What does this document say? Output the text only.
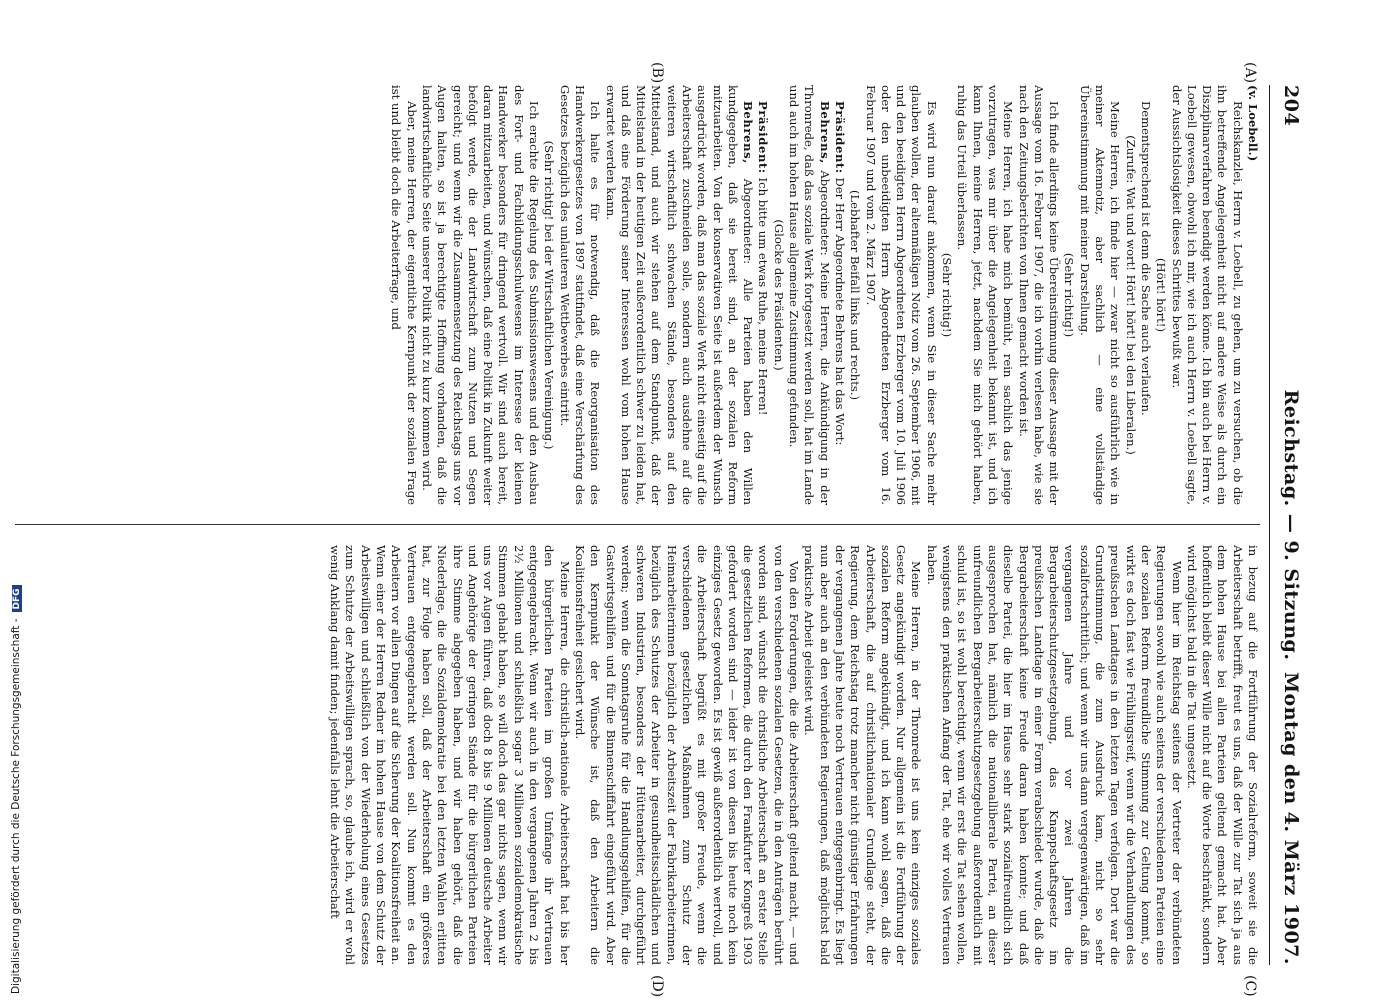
204
Reichstag. — 9. Sitzung.
Montag den 4. März 1907.
(A)
(B)
(C)
(D)

(v. Loebell.)

Reichskanzlei, Herrn v. Loebell, zu gehen, um zu versuchen, ob die ihn betreffende Angelegenheit nicht auf andere Weise als durch ein Disziplinarverfahren beendigt werden könne. Ich bin auch bei Herrn v. Loebell gewesen, obwohl ich mir, wie ich auch Herrn v. Loebell sagte, der Aussichtslosigkeit dieses Schrittes bewußt war.

(Hört! hört!)

Dementsprechend ist denn die Sache auch verlaufen.

(Zurufe: Wat und wort! Hört! hört! bei den Liberalen.)

Meine Herren, ich finde hier — zwar nicht so ausführlich wie in meiner Aktennotiz, aber sachlich — eine vollständige Übereinstimmung mit meiner Darstellung.

(Sehr richtig!)

Ich finde allerdings keine Übereinstimmung dieser Aussage mit der Aussage vom 16. Februar 1907, die ich vorhin verlesen habe, wie sie nach den Zeitungsberichten von Ihnen gemacht worden ist.

Meine Herren, ich habe mich bemüht, rein sachlich das jenige vorzutragen, was mir über die Angelegenheit bekannt ist, und ich kann Ihnen, meine Herren, jetzt, nachdem Sie mich gehört haben, ruhig das Urteil überlassen.

(Sehr richtig!)

Es wird nun darauf ankommen, wenn Sie in dieser Sache mehr glauben wollen, der altenmäßigen Notiz vom 26. September 1906, mit und den beeidigten Herrn Abgeordneten Erzberger vom 10. Juli 1906 oder den unbeeidigten Herrn Abgeordneten Erzberger vom 16. Februar 1907 und vom 2. März 1907.

(Lebhafter Beifall links und rechts.)

Präsident: Der Herr Abgeordnete Behrens hat das Wort:

Behrens, Abgeordneter: Meine Herren, die Ankündigung in der Thronrede, daß das soziale Werk fortgesetzt werden soll, hat im Lande und auch im hohen Hause allgemeine Zustimmung gefunden.

(Glocke des Präsidenten.)

Präsident: Ich bitte um etwas Ruhe, meine Herren!

Behrens, Abgeordneter: Alle Parteien haben den Willen kundgegeben, daß sie bereit sind, an der sozialen Reform mitzuarbeiten. Von der konservativen Seite ist außerdem der Wunsch ausgedrückt worden, daß man das soziale Werk nicht einseitig auf die Arbeiterschaft zuschneiden solle, sondern auch ausdehne auf die weiteren wirtschaftlich schwachen Stände, besonders auf den Mittelstand, und auch wir stehen auf dem Standpunkt, daß der Mittelstand in der heutigen Zeit außerordentlich schwer zu leiden hat, und daß eine Förderung seiner Interessen wohl vom hohen Hause erwartet werden kann.

Ich halte es für notwendig, daß die Reorganisation des Handwerkergesetzes von 1897 stattfindet, daß eine Verschärfung des Gesetzes bezüglich des unlauteren Wettbewerbes eintritt.

(Sehr richtig! bei der Wirtschaftlichen Vereinigung.)

Ich erachte die Regelung des Submissionswesens und den Ausbau des Fort- und Fachbildungsschulwesens im Interesse der kleinen Handwerker besonders für dringend wertvoll. Wir sind auch bereit, daran mitzuarbeiten, und wünschen, daß eine Politik in Zukunft weiter befolgt werde, die der Landwirtschaft zum Nutzen und Segen gereicht; und wenn wir die Zusammensetzung des Reichstags uns vor Augen halten, so ist ja berechtigte Hoffnung vorhanden, daß die landwirtschaftliche Seite unserer Politik nicht zu kurz kommen wird.

Aber, meine Herren, der eigentliche Kernpunkt der sozialen Frage ist und bleibt doch die Arbeiterfrage, und

in bezug auf die Fortführung der Sozialreform, soweit sie die Arbeiterschaft betrifft, freut es uns, daß der Wille zur Tat sich ja aus dem hohen Hause bei allen Parteien geltend gemacht hat. Aber hoffentlich bleibt dieser Wille nicht auf die Worte beschränkt, sondern wird möglichst bald in die Tat umgesetzt.

Wenn hier im Reichstag seitens der Vertreter der verbündeten Regierungen sowohl wie auch seitens der verschiedenen Parteien eine der sozialen Reform freundliche Stimmung zur Geltung kommt, so wirkt es doch fast wie Frühlingsreif, wenn wir die Verhandlungen des preußischen Landtages in den letzten Tagen verfolgen. Dort war die Grundstimmung, die zum Ausdruck kam, nicht so sehr sozialfortschrittlich; und wenn wir uns dann vergegenwärtigen, daß im vergangenen Jahre und vor zwei Jahren die Bergarbeiterschutzgesetzgebung, das Knappschaftsgesetz im preußischen Landtage in einer Form verabschiedet wurde, daß die Bergarbeiterschaft keine Freude daran haben konnte; und daß dieselbe Partei, die hier im Hause sehr stark sozialfreundlich sich ausgesprochen hat, nämlich die nationalliberale Partei, an dieser unfreundlichen Bergarbeiterschutzgesetzgebung außerordentlich mit schuld ist, so ist wohl berechtigt, wenn wir erst die Tat sehen wollen, wenigstens den praktischen Anfang der Tat, ehe wir volles Vertrauen haben.

Meine Herren, in der Thronrede ist uns kein einziges soziales Gesetz angekündigt worden. Nur allgemein ist die Fortführung der sozialen Reform angekündigt, und ich kann wohl sagen, daß die Arbeiterschaft, die auf christlichnationaler Grundlage steht, der Regierung, dem Reichstag trotz mancher nicht günstiger Erfahrungen der vergangenen Jahre heute noch Vertrauen entgegenbringt. Es liegt nun aber auch an den verbündeten Regierungen, daß möglichst bald praktische Arbeit geleistet wird.

Von den Forderungen, die die Arbeiterschaft geltend macht, — und von den verschiedenen sozialen Gesetzen, die in den Anträgen berührt worden sind, wünscht die christliche Arbeiterschaft an erster Stelle die gesetzlichen Reformen, die durch den Frankfurter Kongreß 1903 gefordert worden sind — leider ist von diesen bis heute noch kein einziges Gesetz geworden. Es ist gewiß außerordentlich wertvoll, und die Arbeiterschaft begrüßt es mit großer Freude, wenn die verschiedenen gesetzlichen Maßnahmen zum Schutz der Heimarbeiterinnen bezüglich der Arbeitszeit der Fabrikarbeiterinnen, bezüglich des Schutzes der Arbeiter in gesundheitsschädlichen und schweren Industrien, besonders der Hüttenarbeiter, durchgeführt werden; wenn die Sonntagsruhe für die Handlungsgehilfen, für die Gastwirtsgehilfen und für die Binnenschiffahrt eingeführt wird. Aber den Kernpunkt der Wünsche ist, daß den Arbeitern die Koalitionsfreiheit gesichert wird.

Meine Herren, die christlich-nationale Arbeiterschaft hat bis her den bürgerlichen Parteien im großen Umfange ihr Vertrauen entgegengebracht. Wenn wir auch in den vergangenen Jahren 2 bis 2½ Millionen und schließlich sogar 3 Millionen sozialdemokratische Stimmen gehabt haben, so will doch das gar nichts sagen, wenn wir uns vor Augen führen, daß doch 8 bis 9 Millionen deutsche Arbeiter und Angehörige der geringen Stände für die bürgerlichen Parteien ihre Stimme abgegeben haben, und wir haben gehört, daß die Niederlage, die die Sozialdemokratie bei den letzten Wahlen erlitten hat, zur Folge haben soll, daß der Arbeiterschaft ein größeres Vertrauen entgegengebracht werden soll. Nun kommt es den Arbeitern vor allen Dingen auf die Sicherung der Koalitionsfreiheit an. Wenn einer der Herren Redner im hohen Hause von dem Schutz der Arbeitswilligen und schließlich von der Wiederholung eines Gesetzes zum Schutze der Arbeitswilligen sprach, so, glaube ich, wird er wohl wenig Anklang damit finden; jedenfalls lehnt die Arbeiterschaft

Digitalisierung gefördert durch die Deutsche Forschungsgemeinschaft -DFG
